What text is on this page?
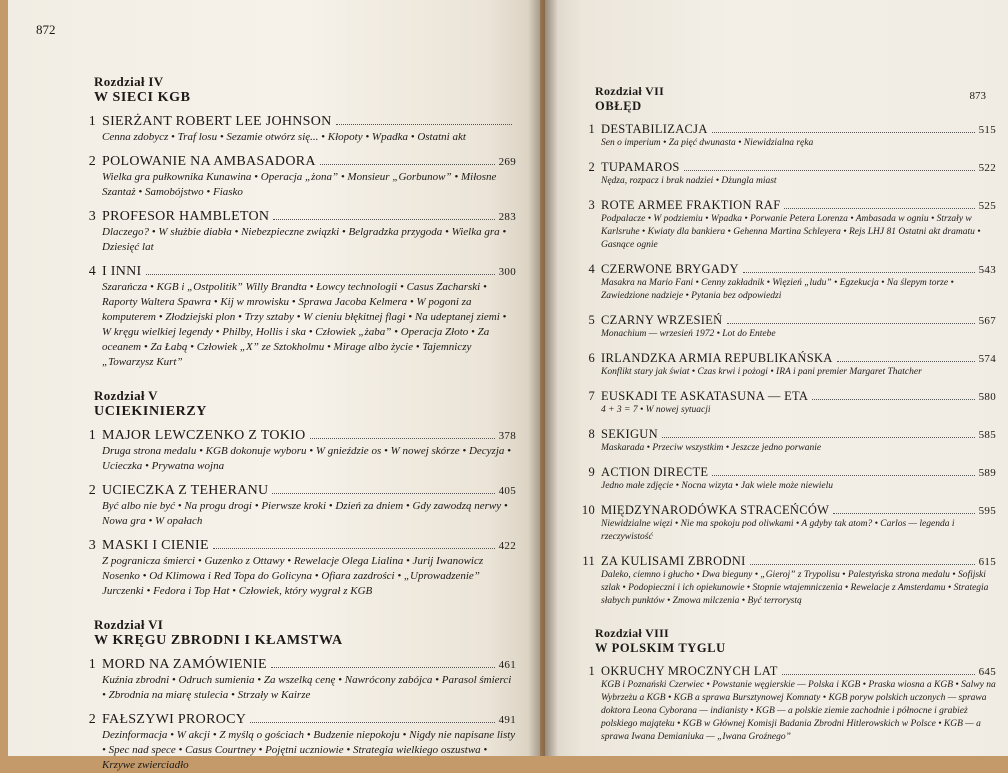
872
Rozdział IV
W SIECI KGB
1 SIERŻANT ROBERT LEE JOHNSON
Cenna zdobycz • Traf losu • Sezamie otwórz się... • Kłopoty • Wpadka • Ostatni akt
2 POLOWANIE NA AMBASADORA	269
Wielka gra pułkownika Kunawina • Operacja „żona” • Monsieur „Gorbunow” • Miłosne Szantaż • Samobójstwo • Fiasko
3 PROFESOR HAMBLETON	283
Dlaczego? • W służbie diabła • Niebezpieczne związki • Belgradzka przygoda • Wielka gra • Dziesięć lat
4 I INNI	300
Szarańcza • KGB i „Ostpolitik” Willy Brandta • Łowcy technologii • Casus Zacharski • Raporty Waltera Spawra • Kij w mrowisku • Sprawa Jacoba Kelmera • W pogoni za komputerem • Złodziejski plon • Trzy sztaby • W cieniu błękitnej flagi • Na udeptanej ziemi • W kręgu wielkiej legendy • Philby, Hollis i ska • Człowiek „żaba” • Operacja Złoto • Za oceanem • Za Łabą • Człowiek „X” ze Sztokholmu • Mirage albo życie • Tajemniczy „Towarzysz Kurt”
Rozdział V
UCIEKINIERZY
1 MAJOR LEWCZENKO Z TOKIO	378
Druga strona medalu • KGB dokonuje wyboru • W gnieździe os • W nowej skórze • Decyzja • Ucieczka • Prywatna wojna
2 UCIECZKA Z TEHERANU	405
Być albo nie być • Na progu drogi • Pierwsze kroki • Dzień za dniem • Gdy zawodzą nerwy • Nowa gra • W opałach
3 MASKI I CIENIE	422
Z pogranicza śmierci • Guzenko z Ottawy • Rewelacje Olega Lialina • Jurij Iwanowicz Nosenko • Od Klimowa i Red Topa do Golicyna • Ofiara zazdrości • „Uprowadzenie” Jurczenki • Fedora i Top Hat • Człowiek, który wygrał z KGB
Rozdział VI
W KRĘGU ZBRODNI I KŁAMSTWA
1 MORD NA ZAMÓWIENIE	461
Kuźnia zbrodni • Odruch sumienia • Za wszelką cenę • Nawrócony zabójca • Parasol śmierci • Zbrodnia na miarę stulecia • Strzały w Kairze
2 FAŁSZYWI PROROCY	491
Dezinformacja • W akcji • Z myślą o gościach • Budzenie niepokoju • Nigdy nie napisane listy • Spec nad spece • Casus Courtney • Pojętni uczniowie • Strategia wielkiego oszustwa • Krzywe zwierciadło
873
Rozdział VII
OBŁĘD
1 DESTABILIZACJA	515
Sen o imperium • Za pięć dwunasta • Niewidzialna ręka
2 TUPAMAROS	522
Nędza, rozpacz i brak nadziei • Dżungla miast
3 ROTE ARMEE FRAKTION RAF	525
Podpalacze • W podziemiu • Wpadka • Porwanie Petera Lorenza • Ambasada w ogniu • Strzały w Karlsruhe • Kwiaty dla bankiera • Gehenna Martina Schleyera • Rejs LHJ 81 Ostatni akt dramatu • Gasnące ognie
4 CZERWONE BRYGADY	543
Masakra na Mario Fani • Cenny zakładnik • Więzień „ludu” • Egzekucja • Na ślepym torze • Zawiedzione nadzieje • Pytania bez odpowiedzi
5 CZARNY WRZESIEŃ	567
Monachium — wrzesień 1972 • Lot do Entebe
6 IRLANDZKA ARMIA REPUBLIKAŃSKA	574
Konflikt stary jak świat • Czas krwi i pożogi • IRA i pani premier Margaret Thatcher
7 EUSKADI TE ASKATASUNA — ETA	580
4 + 3 = 7 • W nowej sytuacji
8 SEKIGUN	585
Maskarada • Przeciw wszystkim • Jeszcze jedno porwanie
9 ACTION DIRECTE	589
Jedno małe zdjęcie • Nocna wizyta • Jak wiele może niewielu
10 MIĘDZYNARODÓWKA STRACEŃCÓW	595
Niewidzialne więzi • Nie ma spokoju pod oliwkami • A gdyby tak atom? • Carlos — legenda i rzeczywistość
11 ZA KULISAMI ZBRODNI	615
Daleko, ciemno i głucho • Dwa bieguny • „Gieroj” z Trypolisu • Palestyńska strona medalu • Sofijski szlak • Podopieczni i ich opiekunowie • Stopnie wtajemniczenia • Rewelacje z Amsterdamu • Strategia słabych punktów • Zmowa milczenia • Być terrorystą
Rozdział VIII
W POLSKIM TYGLU
1 OKRUCHY MROCZNYCH LAT	645
KGB i Poznański Czerwiec • Powstanie węgierskie — Polska i KGB • Praska wiosna a KGB • Salwy na Wybrzeżu a KGB • KGB a sprawa Bursztynowej Komnaty • KGB poryw polskich uczonych — sprawa doktora Leona Cyborana — indianisty • KGB — a polskie ziemie zachodnie i północne i grabież polskiego mająteku • KGB w Głównej Komisji Badania Zbrodni Hitlerowskich w Polsce • KGB — a sprawa Iwana Demianiuka — „Iwana Groźnego”
